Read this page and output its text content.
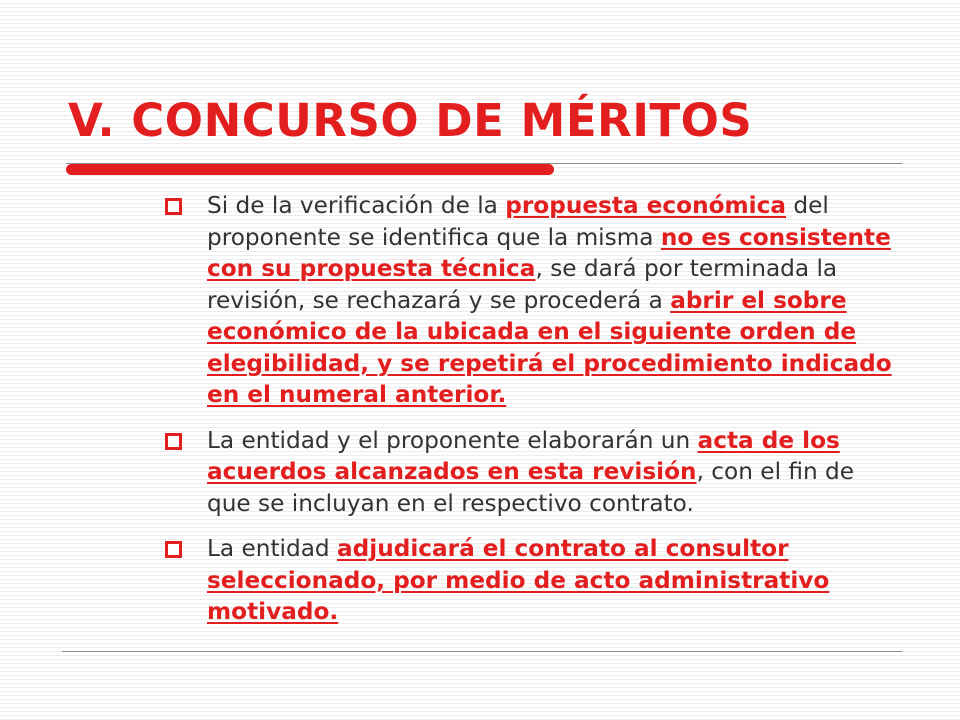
V. CONCURSO DE MÉRITOS
Si de la verificación de la propuesta económica del proponente se identifica que la misma no es consistente con su propuesta técnica, se dará por terminada la revisión, se rechazará y se procederá a abrir el sobre económico de la ubicada en el siguiente orden de elegibilidad, y se repetirá el procedimiento indicado en el numeral anterior.
La entidad y el proponente elaborarán un acta de los acuerdos alcanzados en esta revisión, con el fin de que se incluyan en el respectivo contrato.
La entidad adjudicará el contrato al consultor seleccionado, por medio de acto administrativo motivado.
